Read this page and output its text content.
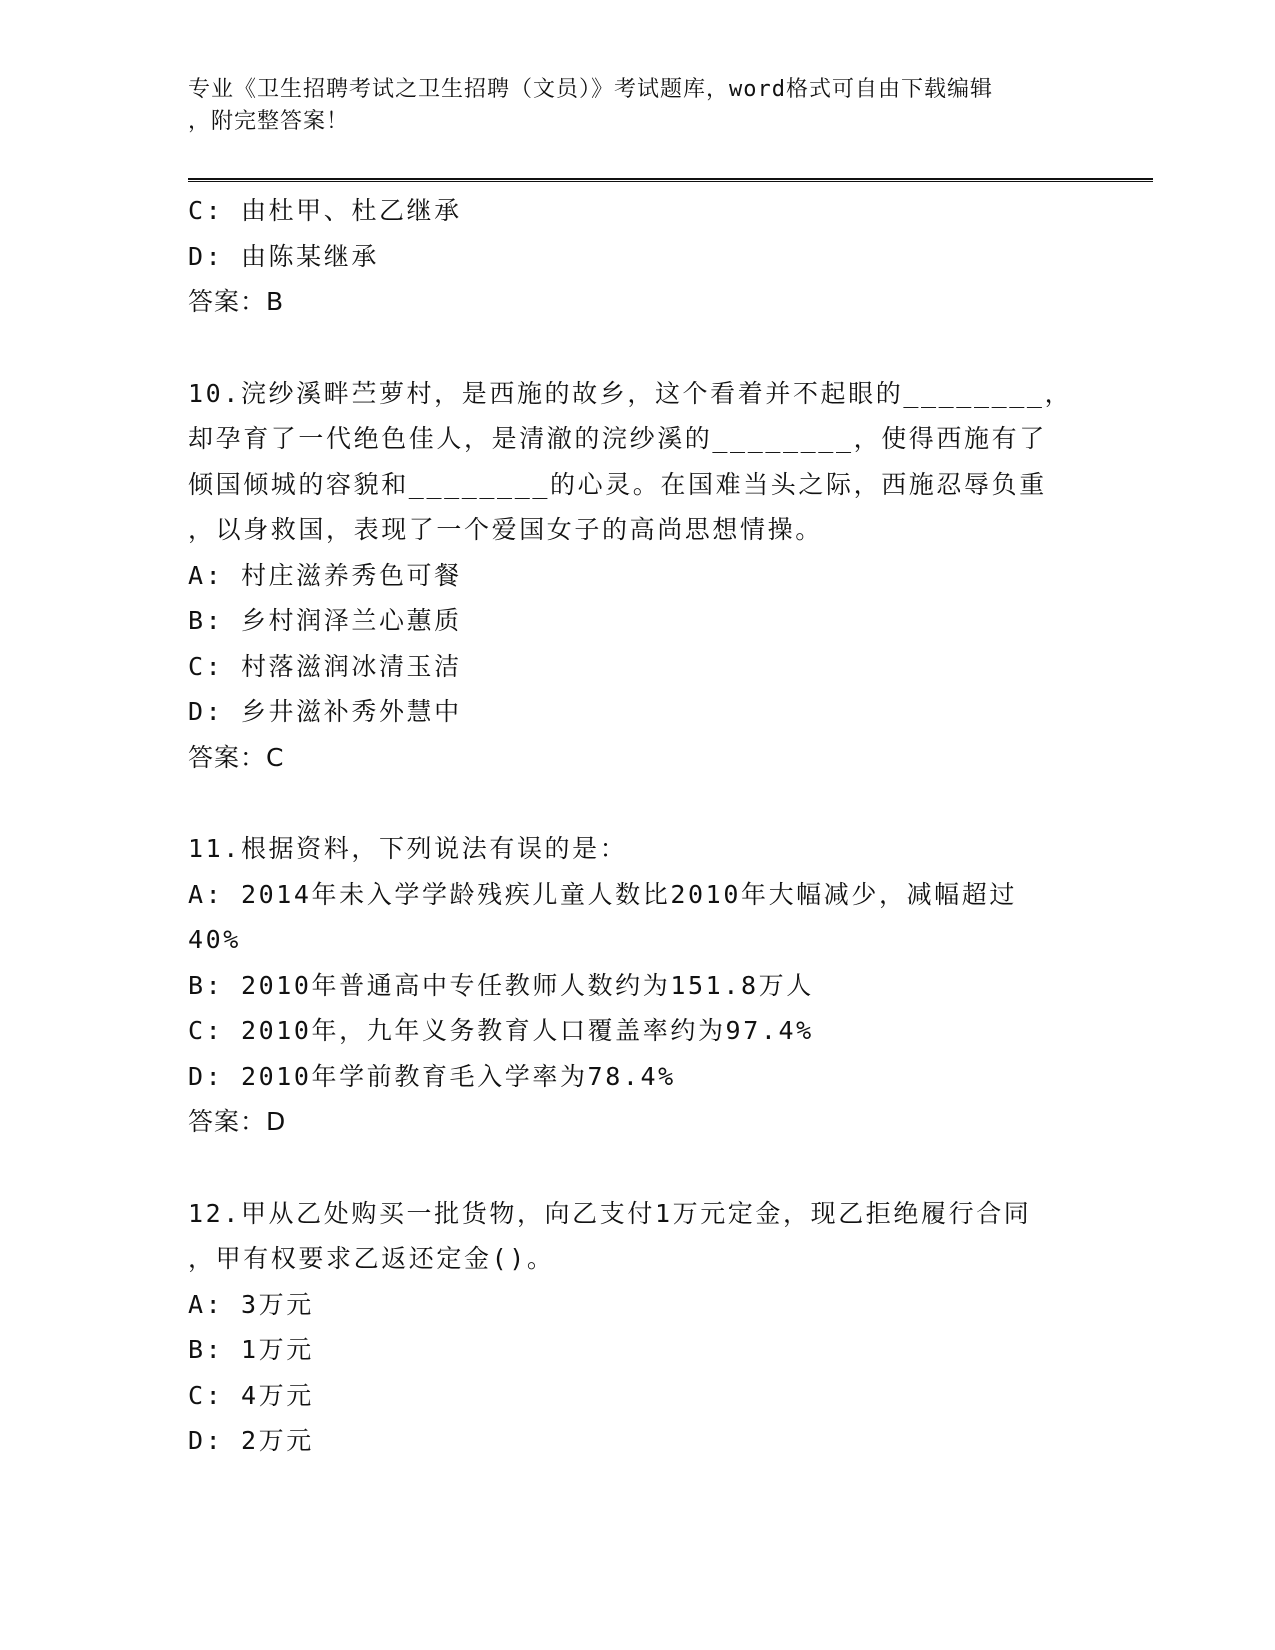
专业《卫生招聘考试之卫生招聘（文员）》考试题库，word格式可自由下载编辑
，附完整答案！
C: 由杜甲、杜乙继承
D: 由陈某继承
答案：B
10.浣纱溪畔苎萝村，是西施的故乡，这个看着并不起眼的________，
却孕育了一代绝色佳人，是清澈的浣纱溪的________，使得西施有了
倾国倾城的容貌和________的心灵。在国难当头之际，西施忍辱负重
，以身救国，表现了一个爱国女子的高尚思想情操。
A: 村庄滋养秀色可餐
B: 乡村润泽兰心蕙质
C: 村落滋润冰清玉洁
D: 乡井滋补秀外慧中
答案：C
11.根据资料，下列说法有误的是：
A: 2014年未入学学龄残疾儿童人数比2010年大幅减少，减幅超过
40%
B: 2010年普通高中专任教师人数约为151.8万人
C: 2010年，九年义务教育人口覆盖率约为97.4%
D: 2010年学前教育毛入学率为78.4%
答案：D
12.甲从乙处购买一批货物，向乙支付1万元定金，现乙拒绝履行合同
，甲有权要求乙返还定金()。
A: 3万元
B: 1万元
C: 4万元
D: 2万元
